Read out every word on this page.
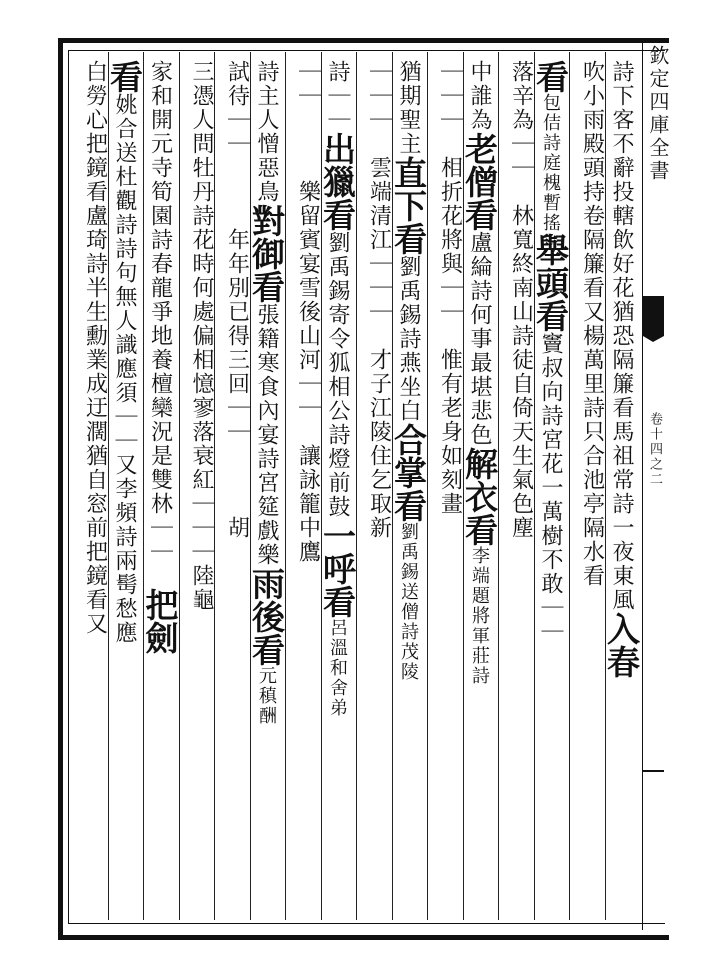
欽定四庫全書
卷十四之二
詩下客不辭投轄飲好花猶恐隔簾看馬祖常詩一夜東風入春
吹小雨殿頭持卷隔簾看又楊萬里詩只合池亭隔水看
看包佶詩庭槐暫搖舉頭看竇叔向詩宮花一萬樹不敢｜｜
落辛為｜｜　林寬終南山詩徒自倚天生氣色塵
中誰為老僧看盧綸詩何事最堪悲色解衣看李端題將軍莊詩
｜｜｜　相折花將與｜｜　惟有老身如刻畫
猶期聖主直下看劉禹錫詩燕坐白合掌看劉禹錫送僧詩茂陵
｜｜｜　雲端清江｜｜｜　才子江陵住乞取新
詩｜｜出獵看劉禹錫寄令狐相公詩燈前鼓一呼看呂溫和舍弟
｜｜　　　樂留賓宴雪後山河｜｜　讓詠籠中鷹
詩主人憎惡鳥對御看張籍寒食內宴詩宮筵戲樂雨後看元稹酬
試待｜｜　　　年年別已得三回｜｜　　　胡
三憑人問牡丹詩花時何處偏相憶寥落衰紅｜｜｜陸龜
家和開元寺筍園詩春龍爭地養檀欒況是雙林｜｜　把劍
看姚合送杜觀詩詩句無人識應須｜｜又李頻詩兩髩愁應
白勞心把鏡看盧琦詩半生勳業成迂濶猶自窓前把鏡看又
